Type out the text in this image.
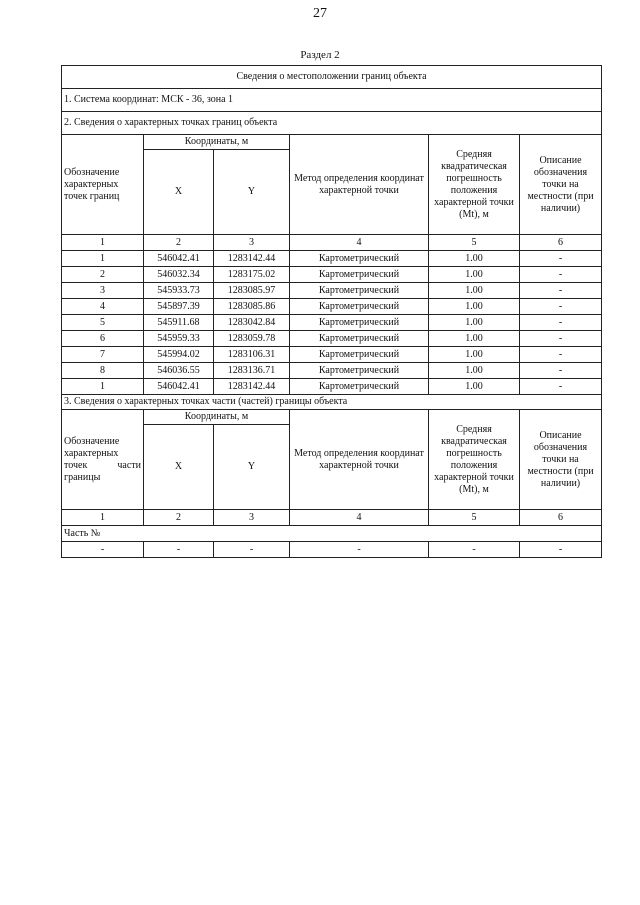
27
Раздел 2
Сведения о местоположении границ объекта					
1. Система координат: МСК - 36, зона 1					
2. Сведения о характерных точках границ объекта					
Обозначение характерных точек границ	Координаты, м		Метод определения координат характерной точки	Средняя квадратическая погрешность положения характерной точки (Mt), м	Описание обозначения точки на местности (при наличии)
	X	Y			
1	2	3	4	5	6
1	546042.41	1283142.44	Картометрический	1.00	-
2	546032.34	1283175.02	Картометрический	1.00	-
3	545933.73	1283085.97	Картометрический	1.00	-
4	545897.39	1283085.86	Картометрический	1.00	-
5	545911.68	1283042.84	Картометрический	1.00	-
6	545959.33	1283059.78	Картометрический	1.00	-
7	545994.02	1283106.31	Картометрический	1.00	-
8	546036.55	1283136.71	Картометрический	1.00	-
1	546042.41	1283142.44	Картометрический	1.00	-
3. Сведения о характерных точках части (частей) границы объекта					
Обозначение характерных точек части границы	Координаты, м		Метод определения координат характерной точки	Средняя квадратическая погрешность положения характерной точки (Mt), м	Описание обозначения точки на местности (при наличии)
	X	Y			
1	2	3	4	5	6
Часть №					
-	-	-	-	-	-
